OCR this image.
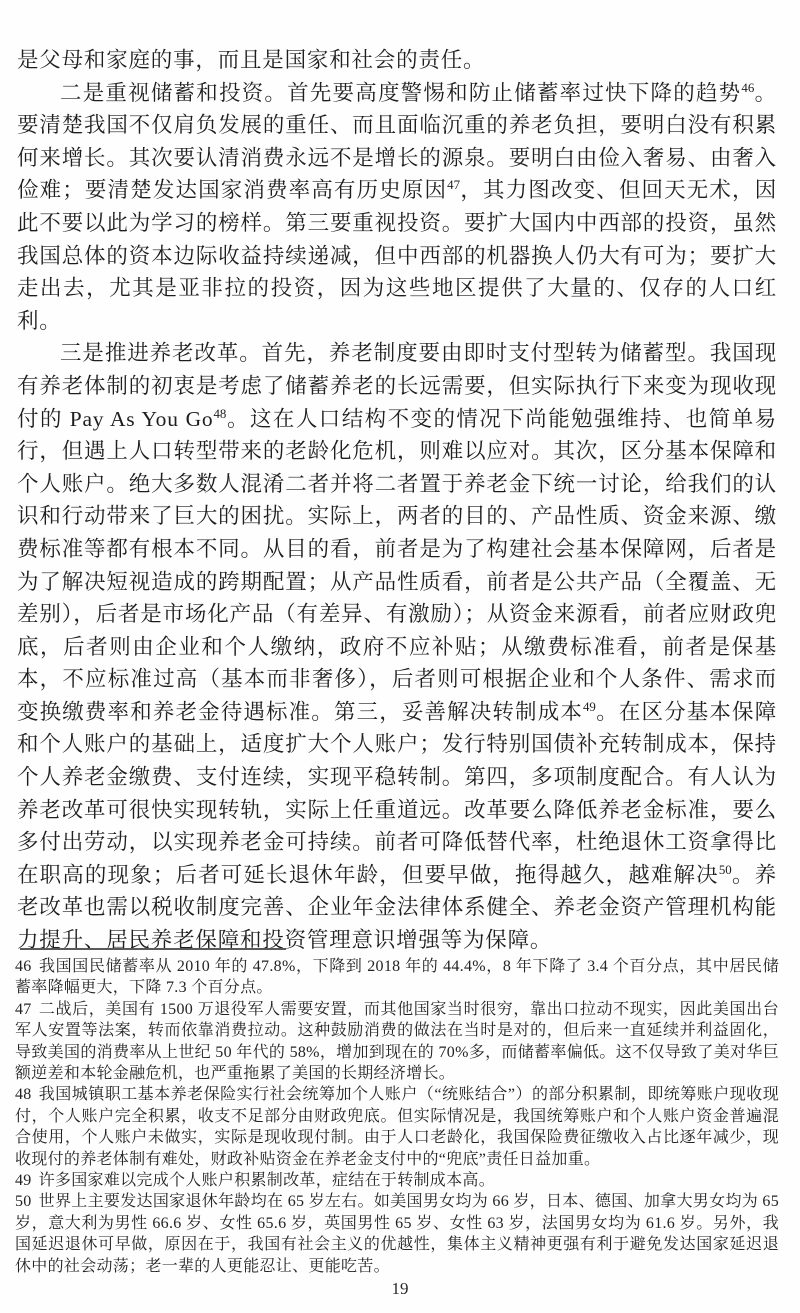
是父母和家庭的事，而且是国家和社会的责任。

二是重视储蓄和投资。首先要高度警惕和防止储蓄率过快下降的趋势$^{46}$。要清楚我国不仅肩负发展的重任、而且面临沉重的养老负担，要明白没有积累何来增长。其次要认清消费永远不是增长的源泉。要明白由俭入奢易、由奢入俭难；要清楚发达国家消费率高有历史原因$^{47}$，其力图改变、但回天无术，因此不要以此为学习的榜样。第三要重视投资。要扩大国内中西部的投资，虽然我国总体的资本边际收益持续递减，但中西部的机器换人仍大有可为；要扩大走出去，尤其是亚非拉的投资，因为这些地区提供了大量的、仅存的人口红利。

三是推进养老改革。首先，养老制度要由即时支付型转为储蓄型。我国现有养老体制的初衷是考虑了储蓄养老的长远需要，但实际执行下来变为现收现付的 Pay As You Go$^{48}$。这在人口结构不变的情况下尚能勉强维持、也简单易行，但遇上人口转型带来的老龄化危机，则难以应对。其次，区分基本保障和个人账户。绝大多数人混淆二者并将二者置于养老金下统一讨论，给我们的认识和行动带来了巨大的困扰。实际上，两者的目的、产品性质、资金来源、缴费标准等都有根本不同。从目的看，前者是为了构建社会基本保障网，后者是为了解决短视造成的跨期配置；从产品性质看，前者是公共产品（全覆盖、无差别），后者是市场化产品（有差异、有激励）；从资金来源看，前者应财政兜底，后者则由企业和个人缴纳，政府不应补贴；从缴费标准看，前者是保基本，不应标准过高（基本而非奢侈），后者则可根据企业和个人条件、需求而变换缴费率和养老金待遇标准。第三，妥善解决转制成本$^{49}$。在区分基本保障和个人账户的基础上，适度扩大个人账户；发行特别国债补充转制成本，保持个人养老金缴费、支付连续，实现平稳转制。第四，多项制度配合。有人认为养老改革可很快实现转轨，实际上任重道远。改革要么降低养老金标准，要么多付出劳动，以实现养老金可持续。前者可降低替代率，杜绝退休工资拿得比在职高的现象；后者可延长退休年龄，但要早做，拖得越久，越难解决$^{50}$。养老改革也需以税收制度完善、企业年金法律体系健全、养老金资产管理机构能力提升、居民养老保障和投资管理意识增强等为保障。

46 我国国民储蓄率从 2010 年的 47.8%，下降到 2018 年的 44.4%，8 年下降了 3.4 个百分点，其中居民储蓄率降幅更大，下降 7.3 个百分点。

47 二战后，美国有 1500 万退役军人需要安置，而其他国家当时很穷，靠出口拉动不现实，因此美国出台军人安置等法案，转而依靠消费拉动。这种鼓励消费的做法在当时是对的，但后来一直延续并利益固化，导致美国的消费率从上世纪 50 年代的 58%，增加到现在的 70%多，而储蓄率偏低。这不仅导致了美对华巨额逆差和本轮金融危机，也严重拖累了美国的长期经济增长。

48 我国城镇职工基本养老保险实行社会统筹加个人账户（“统账结合”）的部分积累制，即统筹账户现收现付，个人账户完全积累，收支不足部分由财政兜底。但实际情况是，我国统筹账户和个人账户资金普遍混合使用，个人账户未做实，实际是现收现付制。由于人口老龄化，我国保险费征缴收入占比逐年减少，现收现付的养老体制有难处，财政补贴资金在养老金支付中的“兜底”责任日益加重。

49 许多国家难以完成个人账户积累制改革，症结在于转制成本高。

50 世界上主要发达国家退休年龄均在 65 岁左右。如美国男女均为 66 岁，日本、德国、加拿大男女均为 65 岁，意大利为男性 66.6 岁、女性 65.6 岁，英国男性 65 岁、女性 63 岁，法国男女均为 61.6 岁。另外，我国延迟退休可早做，原因在于，我国有社会主义的优越性，集体主义精神更强有利于避免发达国家延迟退休中的社会动荡；老一辈的人更能忍让、更能吃苦。

19
